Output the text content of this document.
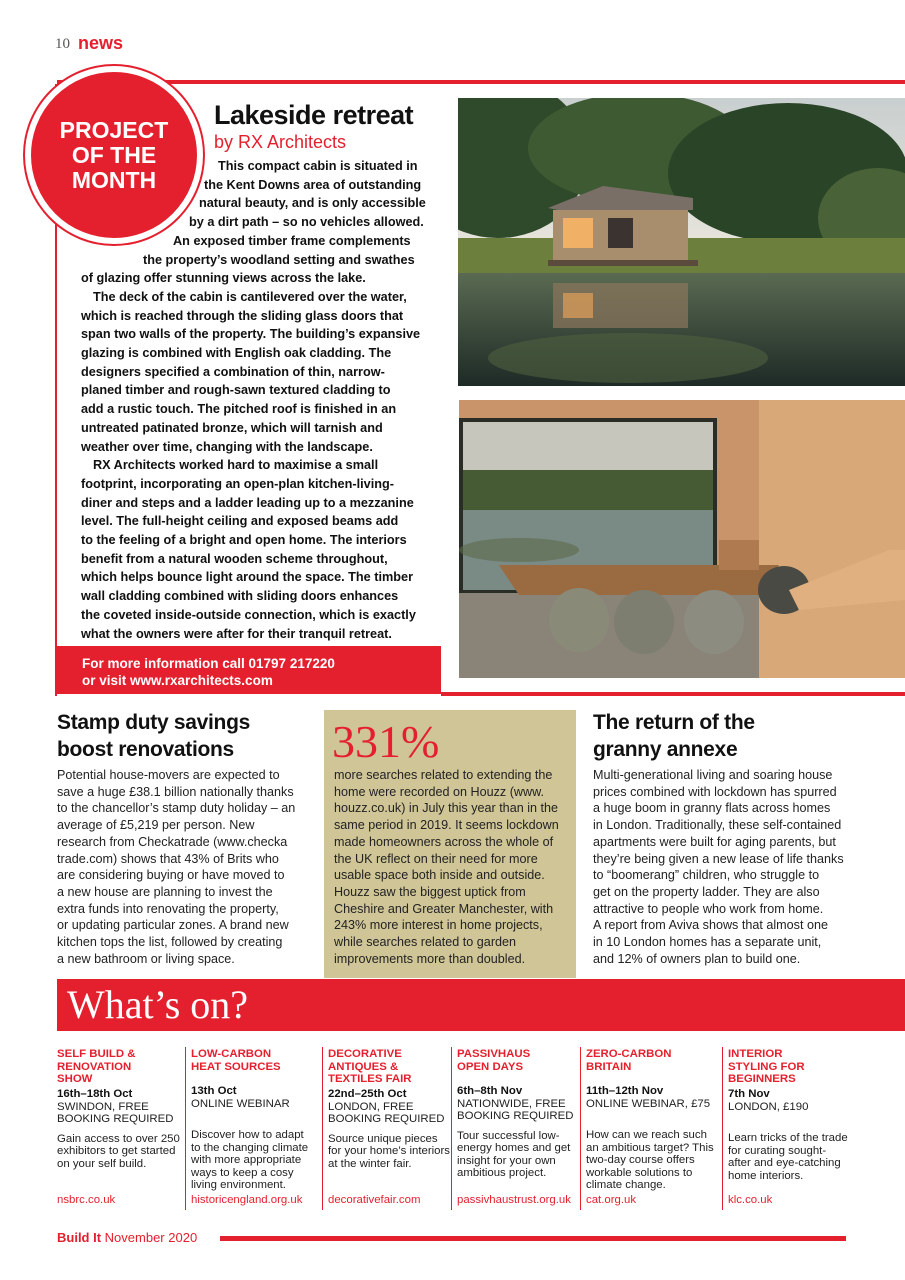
10 news
PROJECT
OF THE
MONTH
Lakeside retreat
by RX Architects
This compact cabin is situated in
the Kent Downs area of outstanding
natural beauty, and is only accessible
by a dirt path – so no vehicles allowed.
An exposed timber frame complements
the property’s woodland setting and swathes
of glazing offer stunning views across the lake.
The deck of the cabin is cantilevered over the water,
which is reached through the sliding glass doors that
span two walls of the property. The building’s expansive
glazing is combined with English oak cladding. The
designers specified a combination of thin, narrow-
planed timber and rough-sawn textured cladding to
add a rustic touch. The pitched roof is finished in an
untreated patinated bronze, which will tarnish and
weather over time, changing with the landscape.
RX Architects worked hard to maximise a small
footprint, incorporating an open-plan kitchen-living-
diner and steps and a ladder leading up to a mezzanine
level. The full-height ceiling and exposed beams add
to the feeling of a bright and open home. The interiors
benefit from a natural wooden scheme throughout,
which helps bounce light around the space. The timber
wall cladding combined with sliding doors enhances
the coveted inside-outside connection, which is exactly
what the owners were after for their tranquil retreat.
For more information call 01797 217220
or visit www.rxarchitects.com
Stamp duty savings
boost renovations
Potential house-movers are expected to
save a huge £38.1 billion nationally thanks
to the chancellor’s stamp duty holiday – an
average of £5,219 per person. New
research from Checkatrade (www.checka
trade.com) shows that 43% of Brits who
are considering buying or have moved to
a new house are planning to invest the
extra funds into renovating the property,
or updating particular zones. A brand new
kitchen tops the list, followed by creating
a new bathroom or living space.
331%
more searches related to extending the
home were recorded on Houzz (www.
houzz.co.uk) in July this year than in the
same period in 2019. It seems lockdown
made homeowners across the whole of
the UK reflect on their need for more
usable space both inside and outside.
Houzz saw the biggest uptick from
Cheshire and Greater Manchester, with
243% more interest in home projects,
while searches related to garden
improvements more than doubled.
The return of the
granny annexe
Multi-generational living and soaring house
prices combined with lockdown has spurred
a huge boom in granny flats across homes
in London. Traditionally, these self-contained
apartments were built for aging parents, but
they’re being given a new lease of life thanks
to “boomerang” children, who struggle to
get on the property ladder. They are also
attractive to people who work from home.
A report from Aviva shows that almost one
in 10 London homes has a separate unit,
and 12% of owners plan to build one.
What’s on?
SELF BUILD &
RENOVATION
SHOW
16th–18th Oct
SWINDON, FREE
BOOKING REQUIRED
Gain access to over 250
exhibitors to get started
on your self build.
nsbrc.co.uk
LOW-CARBON
HEAT SOURCES
13th Oct
ONLINE WEBINAR
Discover how to adapt
to the changing climate
with more appropriate
ways to keep a cosy
living environment.
historicengland.org.uk
DECORATIVE
ANTIQUES &
TEXTILES FAIR
22nd–25th Oct
LONDON, FREE
BOOKING REQUIRED
Source unique pieces
for your home’s interiors
at the winter fair.
decorativefair.com
PASSIVHAUS
OPEN DAYS
6th–8th Nov
NATIONWIDE, FREE
BOOKING REQUIRED
Tour successful low-
energy homes and get
insight for your own
ambitious project.
passivhaustrust.org.uk
ZERO-CARBON
BRITAIN
11th–12th Nov
ONLINE WEBINAR, £75
How can we reach such
an ambitious target? This
two-day course offers
workable solutions to
climate change.
cat.org.uk
INTERIOR
STYLING FOR
BEGINNERS
7th Nov
LONDON, £190
Learn tricks of the trade
for curating sought-
after and eye-catching
home interiors.
klc.co.uk
Build It November 2020
